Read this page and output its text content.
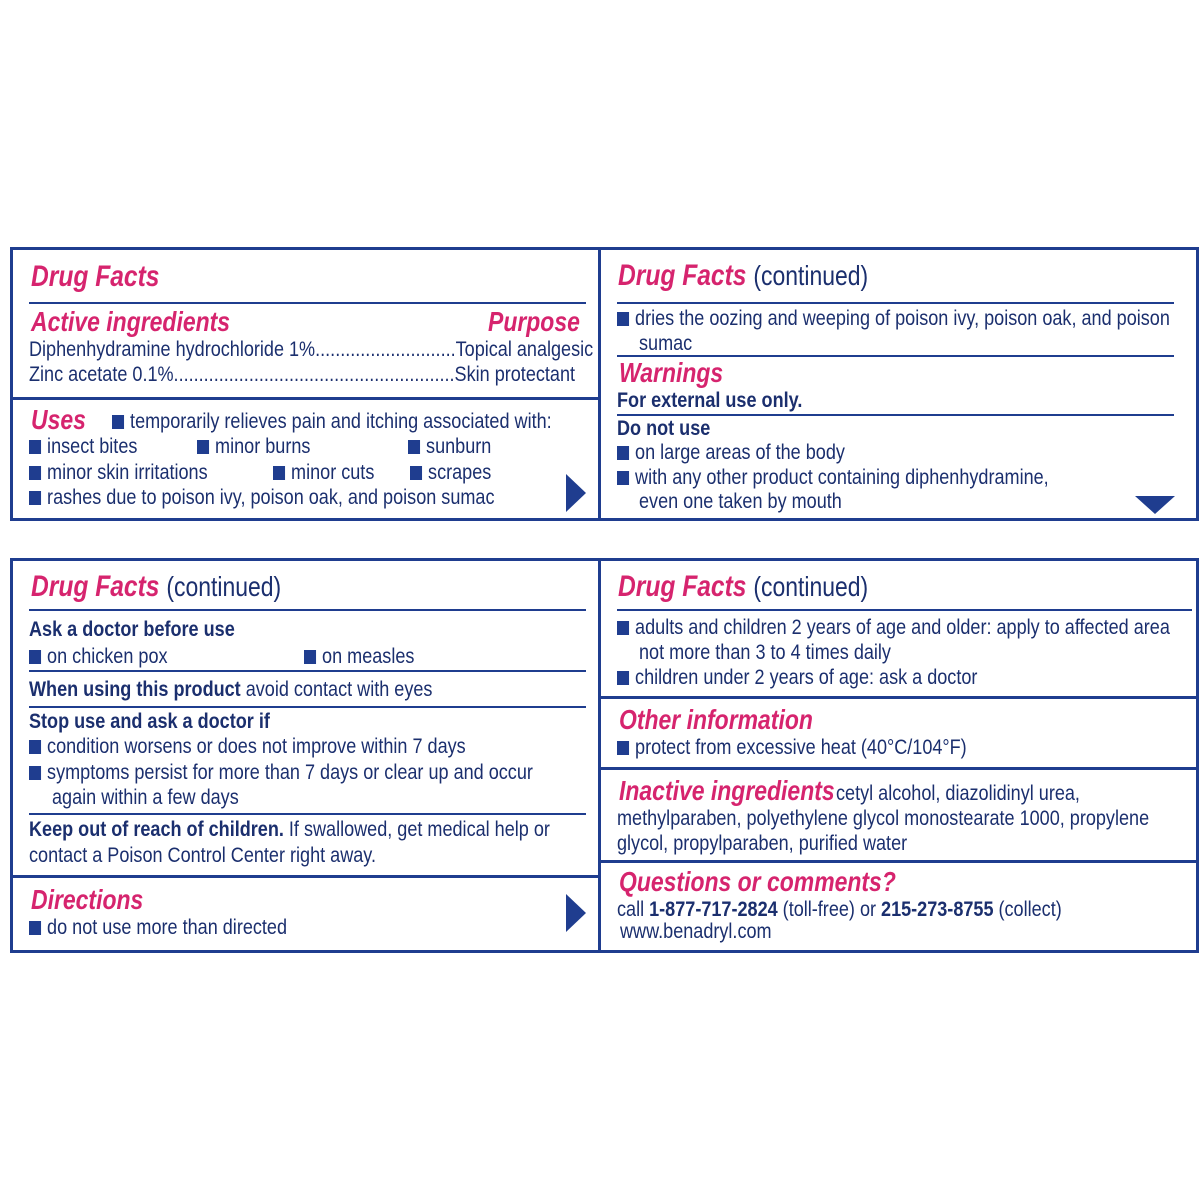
Drug Facts
Active ingredients	Purpose
Diphenhydramine hydrochloride 1%............................Topical analgesic
Zinc acetate 0.1%........................................................Skin protectant
Uses	temporarily relieves pain and itching associated with:
insect bites	minor burns	sunburn
minor skin irritations	minor cuts	scrapes
rashes due to poison ivy, poison oak, and poison sumac
Drug Facts (continued)
dries the oozing and weeping of poison ivy, poison oak, and poison
sumac
Warnings
For external use only.
Do not use
on large areas of the body
with any other product containing diphenhydramine,
even one taken by mouth
Drug Facts (continued)
Ask a doctor before use
on chicken pox	on measles
When using this product avoid contact with eyes
Stop use and ask a doctor if
condition worsens or does not improve within 7 days
symptoms persist for more than 7 days or clear up and occur
again within a few days
Keep out of reach of children. If swallowed, get medical help or
contact a Poison Control Center right away.
Directions
do not use more than directed
Drug Facts (continued)
adults and children 2 years of age and older: apply to affected area
not more than 3 to 4 times daily
children under 2 years of age: ask a doctor
Other information
protect from excessive heat (40°C/104°F)
Inactive ingredients cetyl alcohol, diazolidinyl urea,
methylparaben, polyethylene glycol monostearate 1000, propylene
glycol, propylparaben, purified water
Questions or comments?
call 1-877-717-2824 (toll-free) or 215-273-8755 (collect)
www.benadryl.com
